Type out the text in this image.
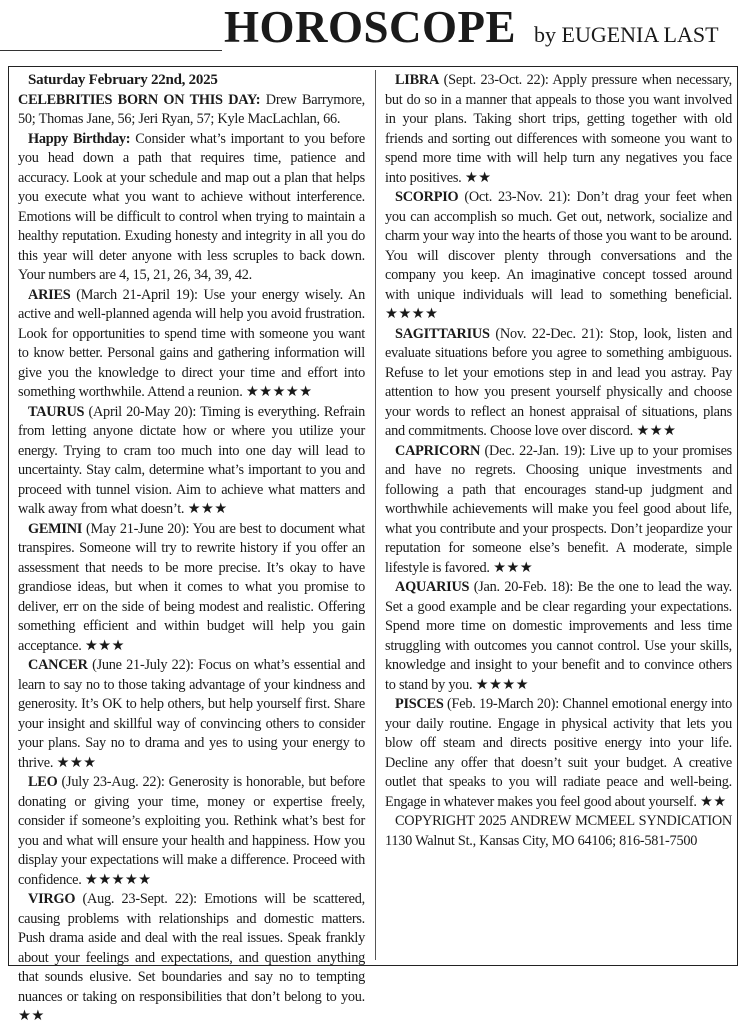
HOROSCOPE by EUGENIA LAST

Saturday February 22nd, 2025

CELEBRITIES BORN ON THIS DAY: Drew Barrymore, 50; Thomas Jane, 56; Jeri Ryan, 57; Kyle MacLachlan, 66.

Happy Birthday: Consider what’s important to you before you head down a path that requires time, patience and accuracy. Look at your schedule and map out a plan that helps you execute what you want to achieve without interference. Emotions will be difficult to control when trying to maintain a healthy reputation. Exuding honesty and integrity in all you do this year will deter anyone with less scruples to back down. Your numbers are 4, 15, 21, 26, 34, 39, 42.

ARIES (March 21-April 19): Use your energy wisely. An active and well-planned agenda will help you avoid frustration. Look for opportunities to spend time with someone you want to know better. Personal gains and gathering information will give you the knowledge to direct your time and effort into something worthwhile. Attend a reunion. ★★★★★

TAURUS (April 20-May 20): Timing is everything. Refrain from letting anyone dictate how or where you utilize your energy. Trying to cram too much into one day will lead to uncertainty. Stay calm, determine what’s important to you and proceed with tunnel vision. Aim to achieve what matters and walk away from what doesn’t. ★★★

GEMINI (May 21-June 20): You are best to document what transpires. Someone will try to rewrite history if you offer an assessment that needs to be more precise. It’s okay to have grandiose ideas, but when it comes to what you promise to deliver, err on the side of being modest and realistic. Offering something efficient and within budget will help you gain acceptance. ★★★

CANCER (June 21-July 22): Focus on what’s essential and learn to say no to those taking advantage of your kindness and generosity. It’s OK to help others, but help yourself first. Share your insight and skillful way of convincing others to consider your plans. Say no to drama and yes to using your energy to thrive. ★★★

LEO (July 23-Aug. 22): Generosity is honorable, but before donating or giving your time, money or expertise freely, consider if someone’s exploiting you. Rethink what’s best for you and what will ensure your health and happiness. How you display your expectations will make a difference. Proceed with confidence. ★★★★★

VIRGO (Aug. 23-Sept. 22): Emotions will be scattered, causing problems with relationships and domestic matters. Push drama aside and deal with the real issues. Speak frankly about your feelings and expectations, and question anything that sounds elusive. Set boundaries and say no to tempting nuances or taking on responsibilities that don’t belong to you. ★★

LIBRA (Sept. 23-Oct. 22): Apply pressure when necessary, but do so in a manner that appeals to those you want involved in your plans. Taking short trips, getting together with old friends and sorting out differences with someone you want to spend more time with will help turn any negatives you face into positives. ★★

SCORPIO (Oct. 23-Nov. 21): Don’t drag your feet when you can accomplish so much. Get out, network, socialize and charm your way into the hearts of those you want to be around. You will discover plenty through conversations and the company you keep. An imaginative concept tossed around with unique individuals will lead to something beneficial. ★★★★

SAGITTARIUS (Nov. 22-Dec. 21): Stop, look, listen and evaluate situations before you agree to something ambiguous. Refuse to let your emotions step in and lead you astray. Pay attention to how you present yourself physically and choose your words to reflect an honest appraisal of situations, plans and commitments. Choose love over discord. ★★★

CAPRICORN (Dec. 22-Jan. 19): Live up to your promises and have no regrets. Choosing unique investments and following a path that encourages stand-up judgment and worthwhile achievements will make you feel good about life, what you contribute and your prospects. Don’t jeopardize your reputation for someone else’s benefit. A moderate, simple lifestyle is favored. ★★★

AQUARIUS (Jan. 20-Feb. 18): Be the one to lead the way. Set a good example and be clear regarding your expectations. Spend more time on domestic improvements and less time struggling with outcomes you cannot control. Use your skills, knowledge and insight to your benefit and to convince others to stand by you. ★★★★

PISCES (Feb. 19-March 20): Channel emotional energy into your daily routine. Engage in physical activity that lets you blow off steam and directs positive energy into your life. Decline any offer that doesn’t suit your budget. A creative outlet that speaks to you will radiate peace and well-being. Engage in whatever makes you feel good about yourself. ★★

COPYRIGHT 2025 ANDREW MCMEEL SYNDICATION 1130 Walnut St., Kansas City, MO 64106; 816-581-7500
